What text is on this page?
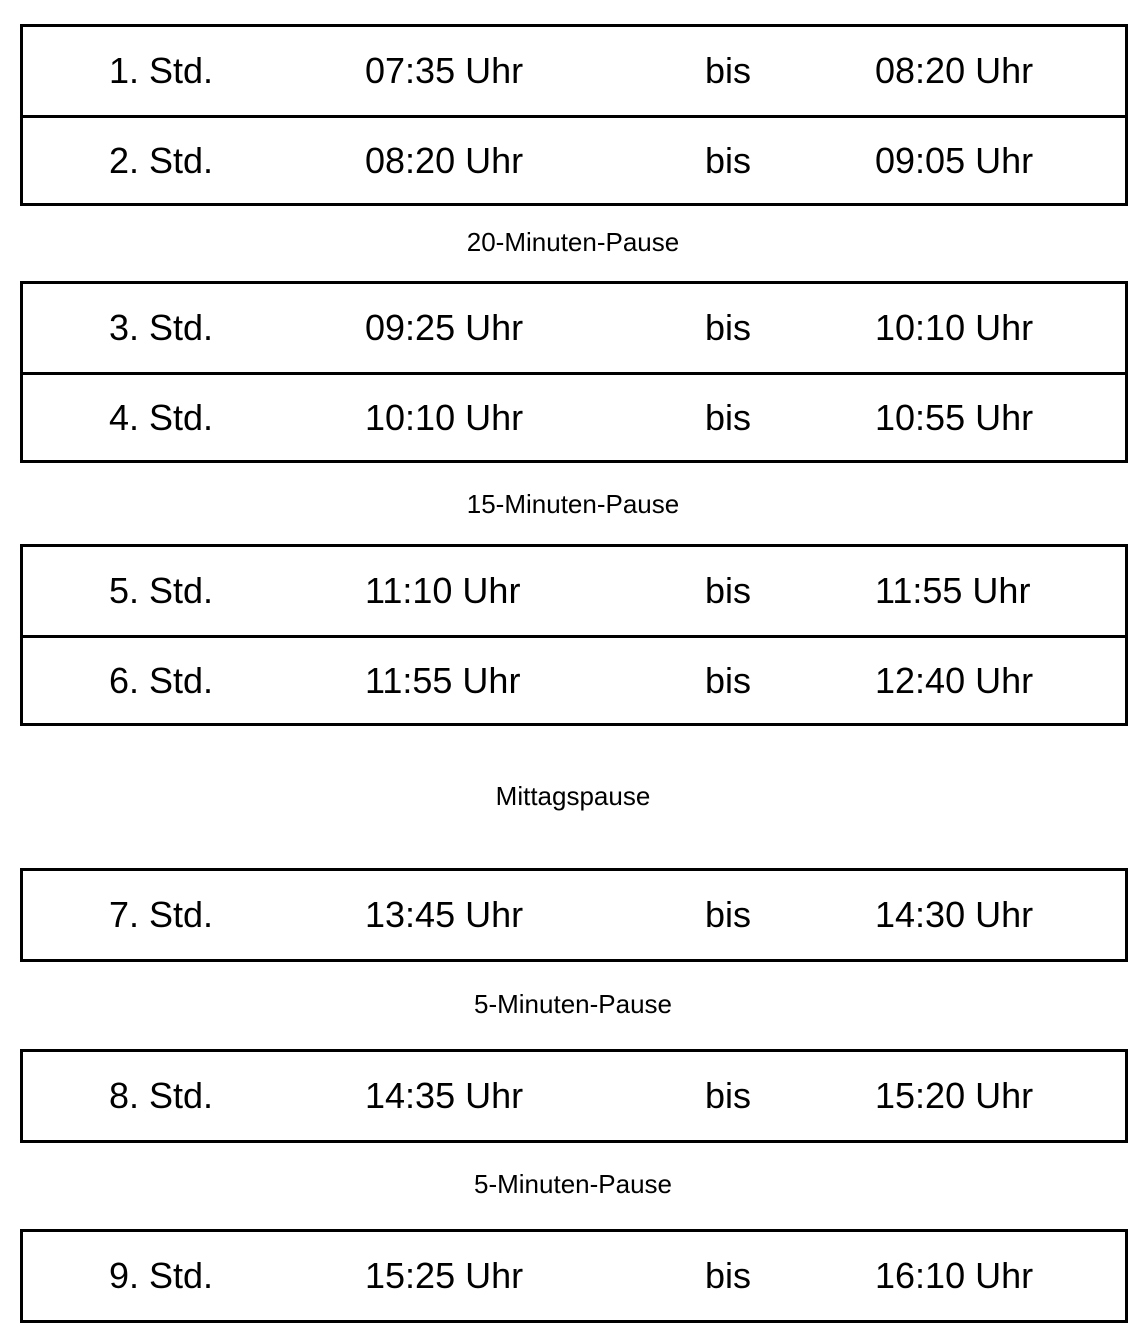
1. Std.	07:35 Uhr	bis	08:20 Uhr
2. Std.	08:20 Uhr	bis	09:05 Uhr
20-Minuten-Pause
3. Std.	09:25 Uhr	bis	10:10 Uhr
4. Std.	10:10 Uhr	bis	10:55 Uhr
15-Minuten-Pause
5. Std.	11:10 Uhr	bis	11:55 Uhr
6. Std.	11:55 Uhr	bis	12:40 Uhr
Mittagspause
7. Std.	13:45 Uhr	bis	14:30 Uhr
5-Minuten-Pause
8. Std.	14:35 Uhr	bis	15:20 Uhr
5-Minuten-Pause
9. Std.	15:25 Uhr	bis	16:10 Uhr
